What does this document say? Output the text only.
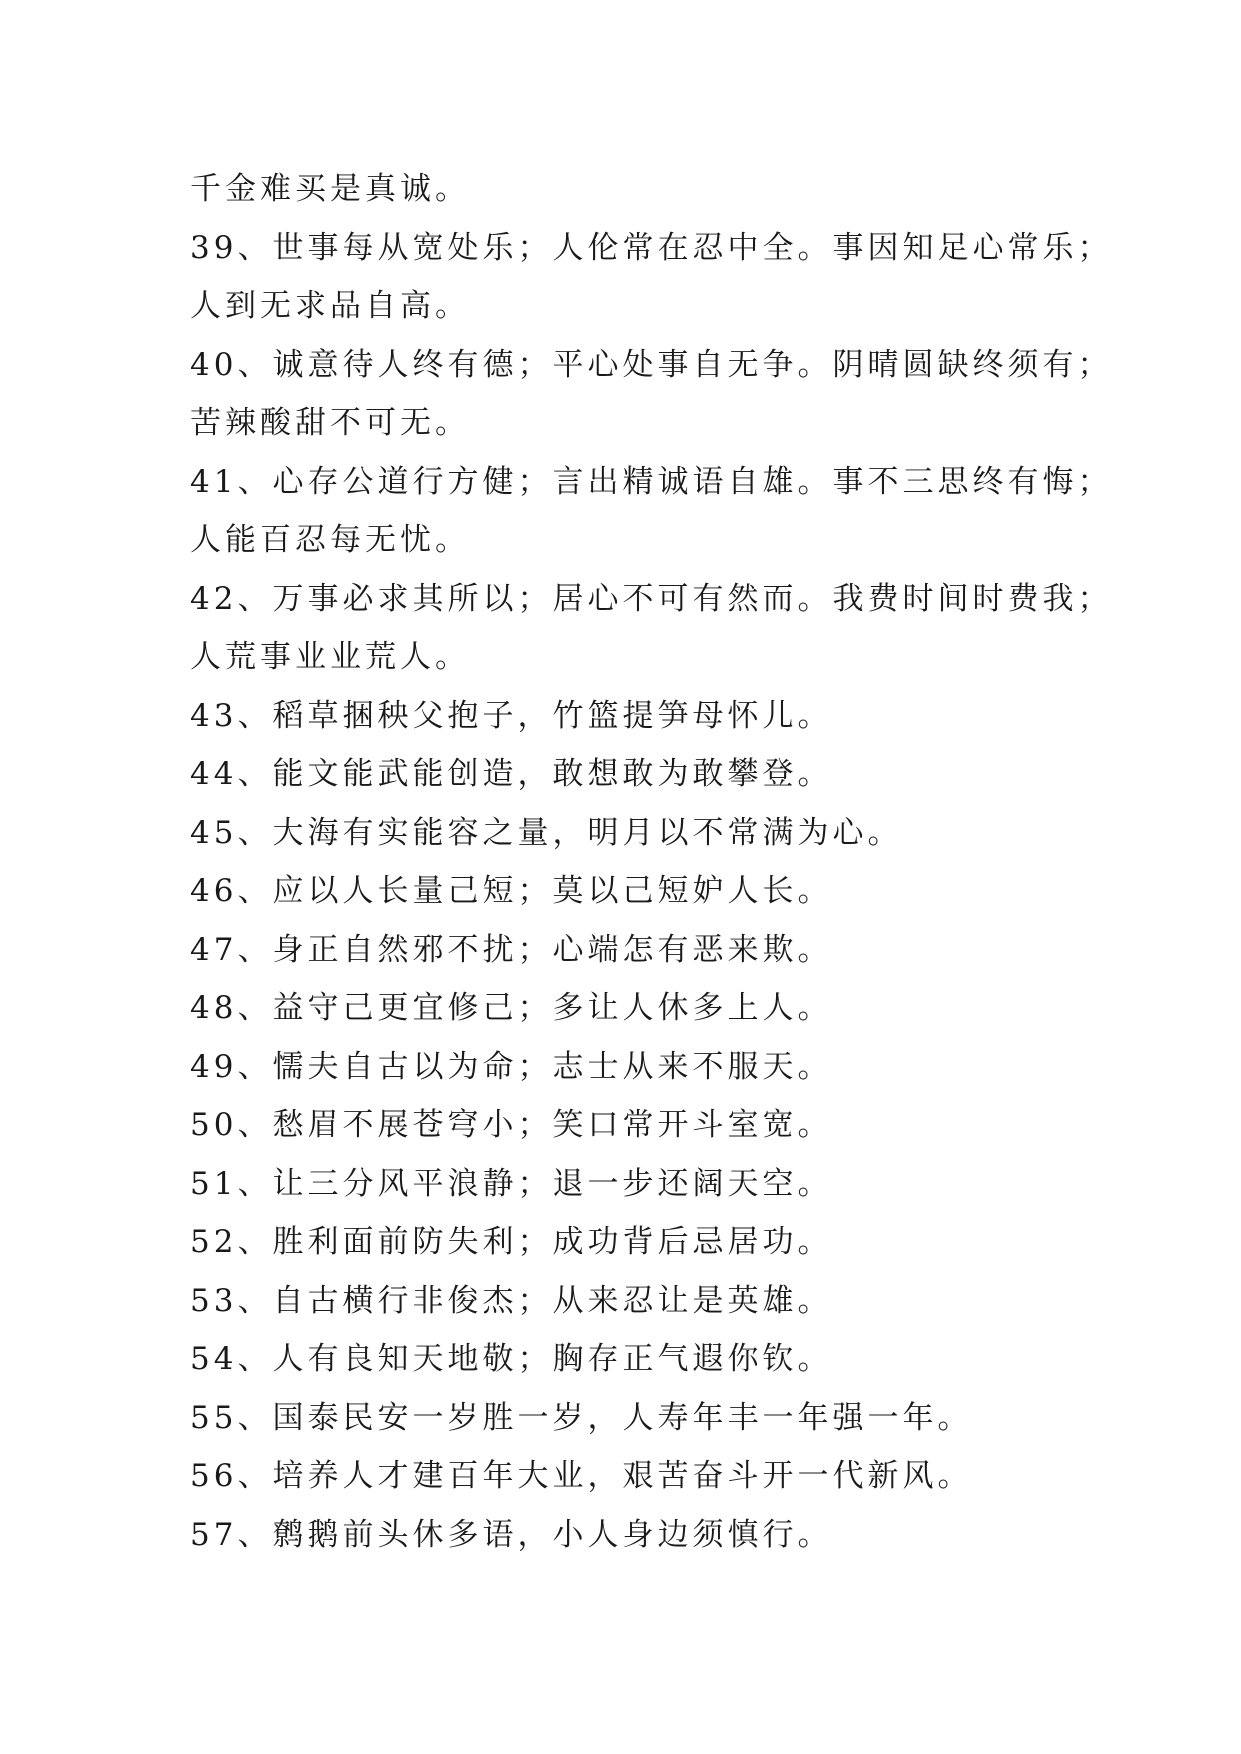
千金难买是真诚。
39、世事每从宽处乐；人伦常在忍中全。事因知足心常乐；
人到无求品自高。
40、诚意待人终有德；平心处事自无争。阴晴圆缺终须有；
苦辣酸甜不可无。
41、心存公道行方健；言出精诚语自雄。事不三思终有悔；
人能百忍每无忧。
42、万事必求其所以；居心不可有然而。我费时间时费我；
人荒事业业荒人。
43、稻草捆秧父抱子，竹篮提笋母怀儿。
44、能文能武能创造，敢想敢为敢攀登。
45、大海有实能容之量，明月以不常满为心。
46、应以人长量己短；莫以己短妒人长。
47、身正自然邪不扰；心端怎有恶来欺。
48、益守己更宜修己；多让人休多上人。
49、懦夫自古以为命；志士从来不服天。
50、愁眉不展苍穹小；笑口常开斗室宽。
51、让三分风平浪静；退一步还阔天空。
52、胜利面前防失利；成功背后忌居功。
53、自古横行非俊杰；从来忍让是英雄。
54、人有良知天地敬；胸存正气遐你钦。
55、国泰民安一岁胜一岁，人寿年丰一年强一年。
56、培养人才建百年大业，艰苦奋斗开一代新风。
57、鹩鹅前头休多语，小人身边须慎行。
